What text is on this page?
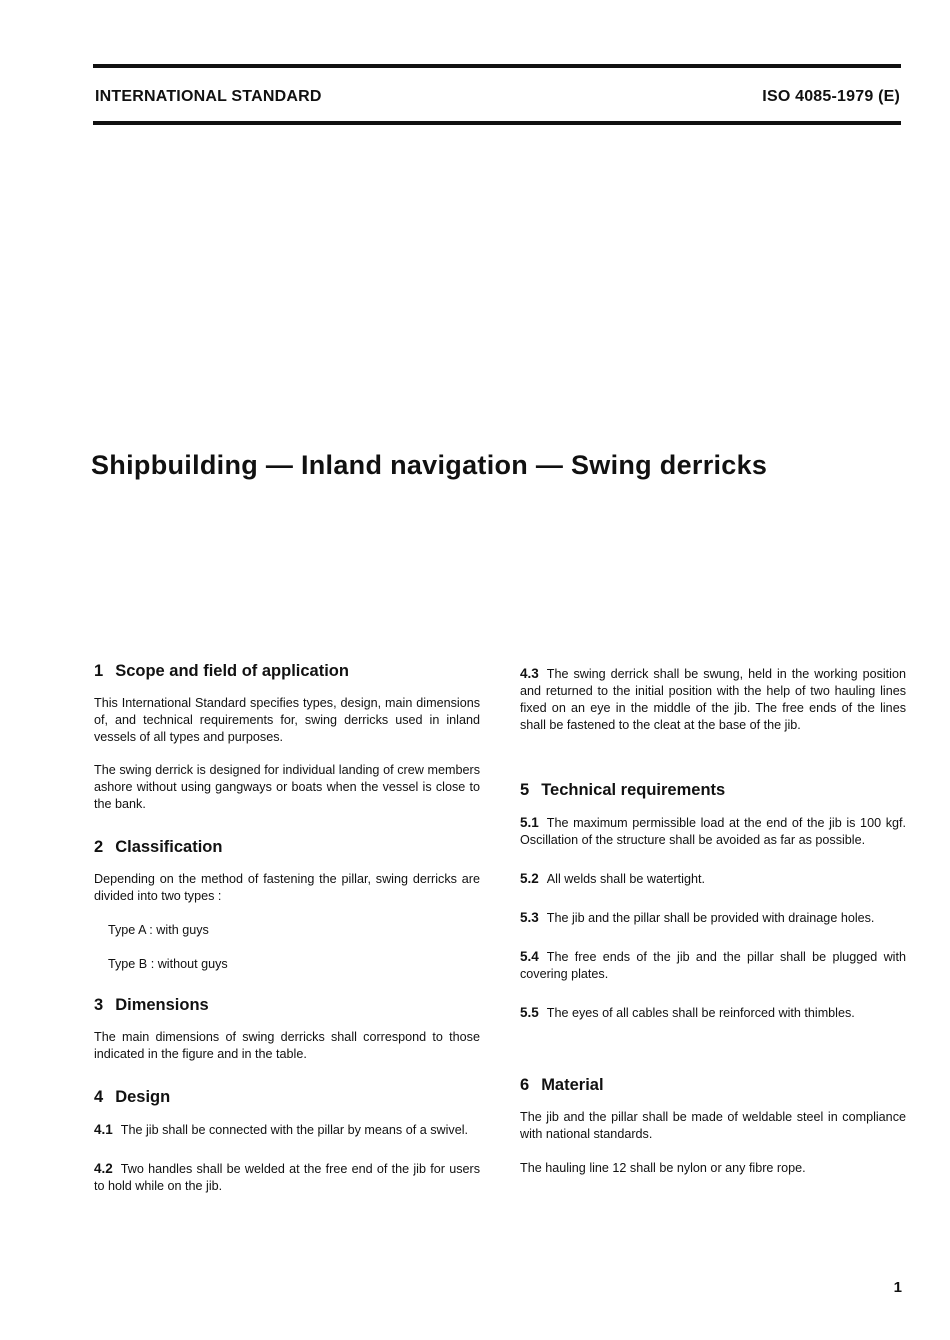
INTERNATIONAL STANDARD	ISO 4085-1979 (E)
Shipbuilding — Inland navigation — Swing derricks
1 Scope and field of application

This International Standard specifies types, design, main dimensions of, and technical requirements for, swing derricks used in inland vessels of all types and purposes.

The swing derrick is designed for individual landing of crew members ashore without using gangways or boats when the vessel is close to the bank.

2 Classification

Depending on the method of fastening the pillar, swing derricks are divided into two types :

Type A : with guys

Type B : without guys

3 Dimensions

The main dimensions of swing derricks shall correspond to those indicated in the figure and in the table.

4 Design

4.1 The jib shall be connected with the pillar by means of a swivel.

4.2 Two handles shall be welded at the free end of the jib for users to hold while on the jib.

4.3 The swing derrick shall be swung, held in the working position and returned to the initial position with the help of two hauling lines fixed on an eye in the middle of the jib. The free ends of the lines shall be fastened to the cleat at the base of the jib.

5 Technical requirements

5.1 The maximum permissible load at the end of the jib is 100 kgf. Oscillation of the structure shall be avoided as far as possible.

5.2 All welds shall be watertight.

5.3 The jib and the pillar shall be provided with drainage holes.

5.4 The free ends of the jib and the pillar shall be plugged with covering plates.

5.5 The eyes of all cables shall be reinforced with thimbles.

6 Material

The jib and the pillar shall be made of weldable steel in compliance with national standards.

The hauling line 12 shall be nylon or any fibre rope.

1
